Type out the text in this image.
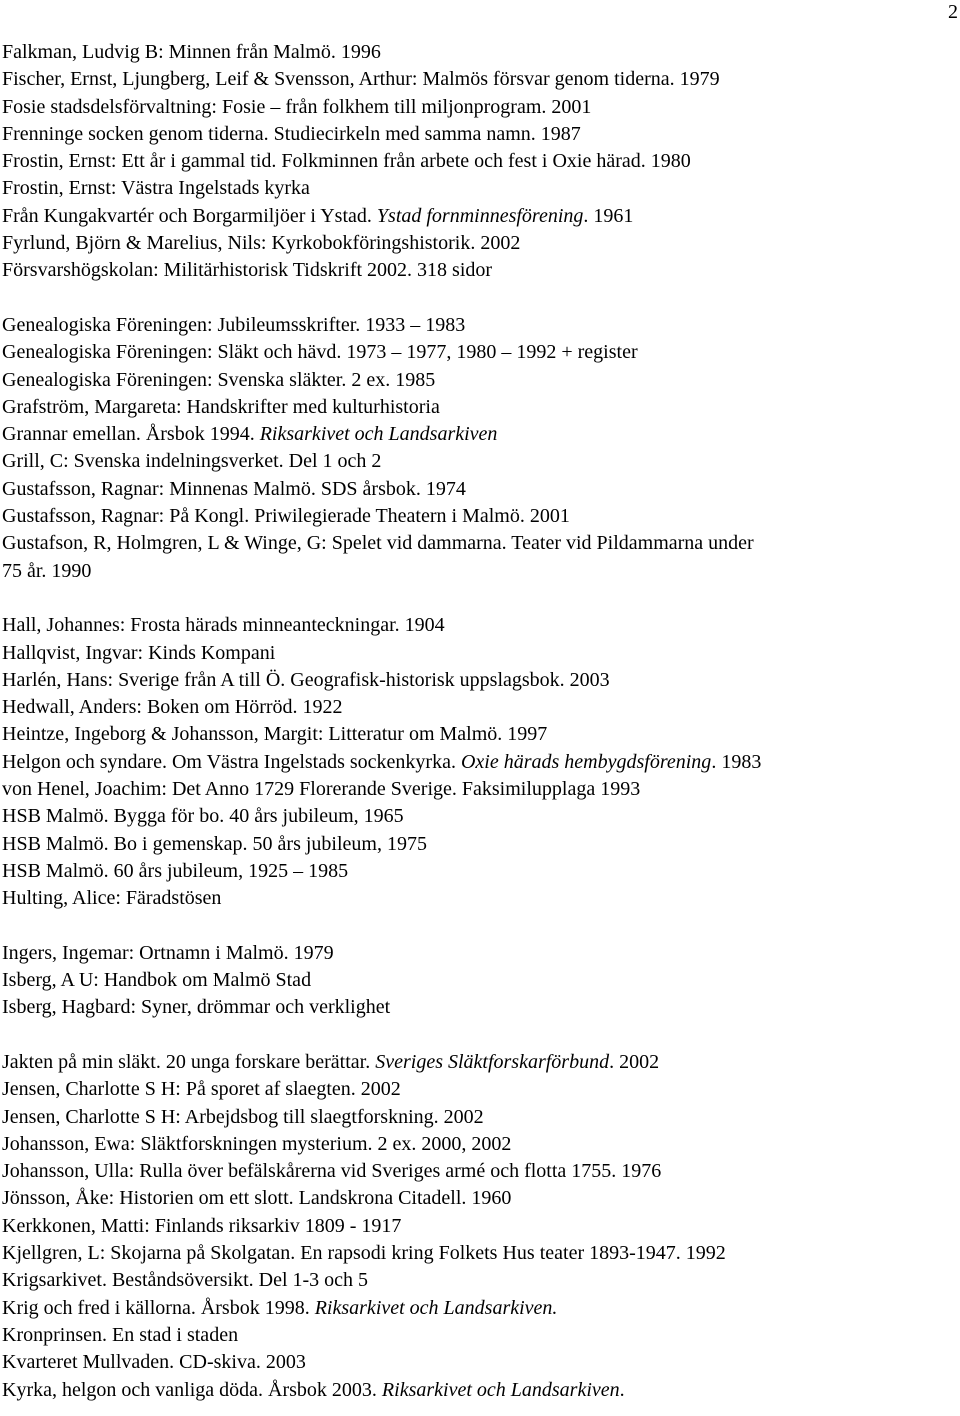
2
Falkman, Ludvig B: Minnen från Malmö. 1996
Fischer, Ernst, Ljungberg, Leif & Svensson, Arthur: Malmös försvar genom tiderna. 1979
Fosie stadsdelsförvaltning: Fosie – från folkhem till miljonprogram. 2001
Frenninge socken genom tiderna. Studiecirkeln med samma namn. 1987
Frostin, Ernst: Ett år i gammal tid. Folkminnen från arbete och fest i Oxie härad. 1980
Frostin, Ernst: Västra Ingelstads kyrka
Från Kungakvartér och Borgarmiljöer i Ystad. Ystad fornminnesförening. 1961
Fyrlund, Björn & Marelius, Nils: Kyrkobokföringshistorik. 2002
Försvarshögskolan: Militärhistorisk Tidskrift 2002. 318 sidor
Genealogiska Föreningen: Jubileumsskrifter. 1933 – 1983
Genealogiska Föreningen: Släkt och hävd. 1973 – 1977, 1980 – 1992 + register
Genealogiska Föreningen: Svenska släkter. 2 ex. 1985
Grafström, Margareta: Handskrifter med kulturhistoria
Grannar emellan. Årsbok 1994. Riksarkivet och Landsarkiven
Grill, C: Svenska indelningsverket. Del 1 och 2
Gustafsson, Ragnar: Minnenas Malmö. SDS årsbok. 1974
Gustafsson, Ragnar: På Kongl. Priwilegierade Theatern i Malmö. 2001
Gustafson, R, Holmgren, L & Winge, G: Spelet vid dammarna. Teater vid Pildammarna under
75 år. 1990
Hall, Johannes: Frosta härads minneanteckningar. 1904
Hallqvist, Ingvar: Kinds Kompani
Harlén, Hans: Sverige från A till Ö. Geografisk-historisk uppslagsbok. 2003
Hedwall, Anders: Boken om Hörröd. 1922
Heintze, Ingeborg & Johansson, Margit: Litteratur om Malmö. 1997
Helgon och syndare. Om Västra Ingelstads sockenkyrka. Oxie härads hembygdsförening. 1983
von Henel, Joachim: Det Anno 1729 Florerande Sverige. Faksimilupplaga 1993
HSB Malmö. Bygga för bo. 40 års jubileum, 1965
HSB Malmö. Bo i gemenskap. 50 års jubileum, 1975
HSB Malmö. 60 års jubileum, 1925 – 1985
Hulting, Alice: Färadstösen
Ingers, Ingemar: Ortnamn i Malmö. 1979
Isberg, A U: Handbok om Malmö Stad
Isberg, Hagbard: Syner, drömmar och verklighet
Jakten på min släkt. 20 unga forskare berättar. Sveriges Släktforskarförbund. 2002
Jensen, Charlotte S H: På sporet af slaegten. 2002
Jensen, Charlotte S H: Arbejdsbog till slaegtforskning. 2002
Johansson, Ewa: Släktforskningen mysterium. 2 ex. 2000, 2002
Johansson, Ulla: Rulla över befälskårerna vid Sveriges armé och flotta 1755. 1976
Jönsson, Åke: Historien om ett slott. Landskrona Citadell. 1960
Kerkkonen, Matti: Finlands riksarkiv 1809 - 1917
Kjellgren, L: Skojarna på Skolgatan. En rapsodi kring Folkets Hus teater 1893-1947. 1992
Krigsarkivet. Beståndsöversikt. Del 1-3 och 5
Krig och fred i källorna. Årsbok 1998. Riksarkivet och Landsarkiven.
Kronprinsen. En stad i staden
Kvarteret Mullvaden. CD-skiva. 2003
Kyrka, helgon och vanliga döda. Årsbok 2003. Riksarkivet och Landsarkiven.
